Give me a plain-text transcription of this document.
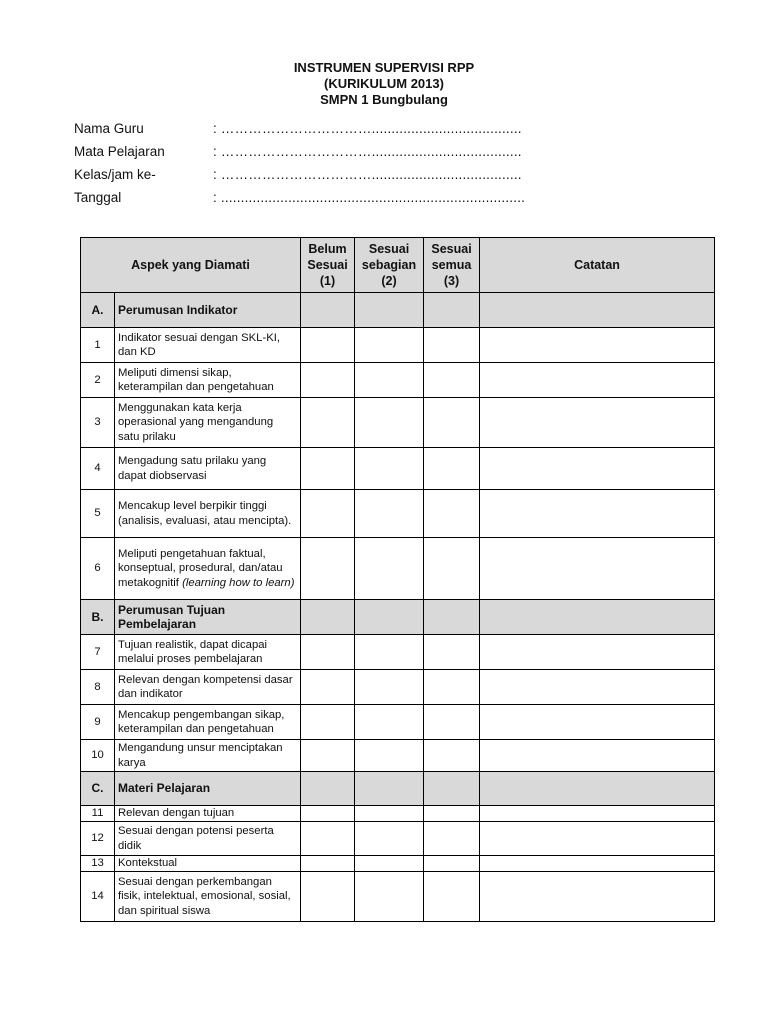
INSTRUMEN SUPERVISI RPP
(KURIKULUM 2013)
SMPN 1 Bungbulang
Nama Guru	: ……………………………......................................
Mata Pelajaran	: ……………………………......................................
Kelas/jam ke-	: ……………………………......................................
Tanggal	: .............................................................................
Aspek yang Diamati		Belum
Sesuai
(1)	Sesuai
sebagian
(2)	Sesuai
semua
(3)	Catatan
A.	Perumusan Indikator				
1	Indikator sesuai dengan SKL-KI, dan KD				
2	Meliputi dimensi sikap, keterampilan dan pengetahuan				
3	Menggunakan kata kerja operasional yang mengandung satu prilaku				
4	Mengadung satu prilaku yang dapat diobservasi				
5	Mencakup level berpikir tinggi (analisis, evaluasi, atau mencipta).				
6	Meliputi pengetahuan faktual, konseptual, prosedural, dan/atau metakognitif (learning how to learn)				
B.	Perumusan Tujuan Pembelajaran				
7	Tujuan realistik, dapat dicapai melalui proses pembelajaran				
8	Relevan dengan kompetensi dasar dan indikator				
9	Mencakup pengembangan sikap, keterampilan dan pengetahuan				
10	Mengandung unsur menciptakan karya				
C.	Materi Pelajaran				
11	Relevan dengan tujuan				
12	Sesuai dengan potensi peserta didik				
13	Kontekstual				
14	Sesuai dengan perkembangan fisik, intelektual, emosional, sosial, dan spiritual siswa				
